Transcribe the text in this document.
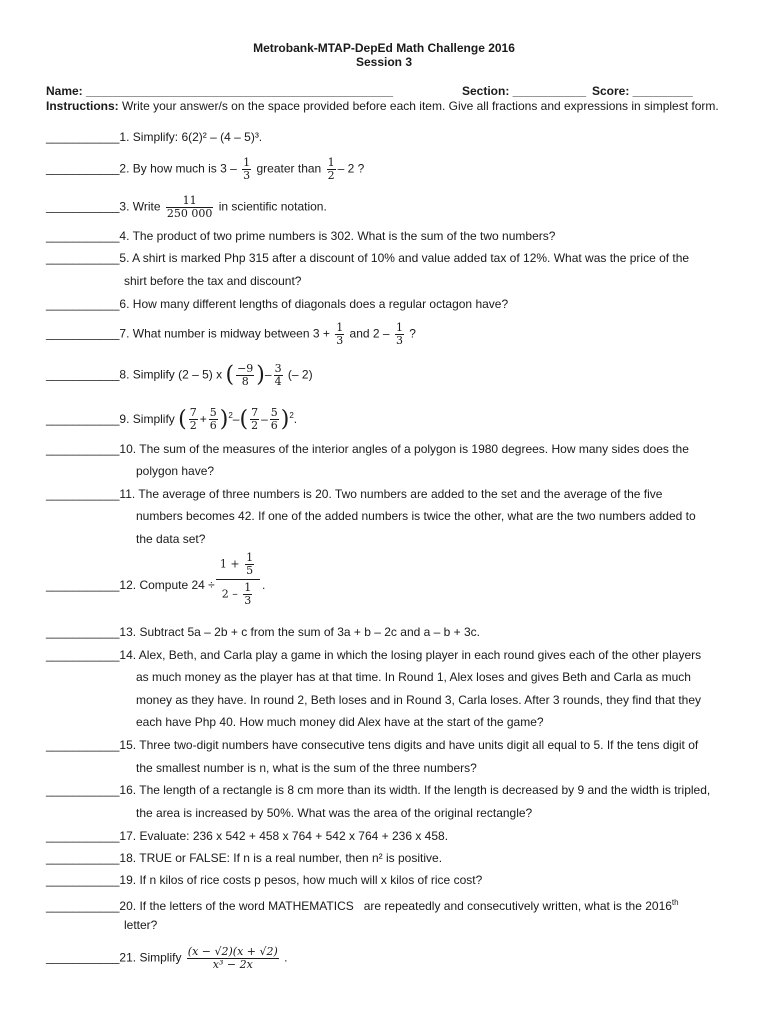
Metrobank-MTAP-DepEd Math Challenge 2016
Session 3
Name: ______________________________________________	Section: ___________ Score: _________
Instructions: Write your answer/s on the space provided before each item. Give all fractions and expressions in simplest form.
___________1. Simplify: 6(2)² – (4 – 5)³.
___________2. By how much is $3 - \frac{1}{3}$ greater than $\frac{1}{2} - 2$ ?
___________3. Write $\frac{11}{250 000}$ in scientific notation.
___________4. The product of two prime numbers is 302. What is the sum of the two numbers?
___________5. A shirt is marked Php 315 after a discount of 10% and value added tax of 12%. What was the price of the
shirt before the tax and discount?
___________6. How many different lengths of diagonals does a regular octagon have?
___________7. What number is midway between $3 + \frac{1}{3}$ and $2 - \frac{1}{3}$ ?
___________8. Simplify (2 – 5) x ( $\frac{-9}{8}$ )– $\frac{3}{4}$ (– 2)
___________9. Simplify ( $\frac{7}{2} + \frac{5}{6} )^2-( \frac{7}{2} - \frac{5}{6} )^2$.
___________10. The sum of the measures of the interior angles of a polygon is 1980 degrees. How many sides does the
polygon have?
___________11. The average of three numbers is 20. Two numbers are added to the set and the average of the five
numbers becomes 42. If one of the added numbers is twice the other, what are the two numbers added to
the data set?
___________12. Compute 24 ÷
$1 + \frac{1}{5}$
$2 - \frac{1}{3}$ .
___________13. Subtract 5a – 2b + c from the sum of 3a + b – 2c and a – b + 3c.
___________14. Alex, Beth, and Carla play a game in which the losing player in each round gives each of the other players
as much money as the player has at that time. In Round 1, Alex loses and gives Beth and Carla as much
money as they have. In round 2, Beth loses and in Round 3, Carla loses. After 3 rounds, they find that they
each have Php 40. How much money did Alex have at the start of the game?
___________15. Three two-digit numbers have consecutive tens digits and have units digit all equal to 5. If the tens digit of
the smallest number is n, what is the sum of the three numbers?
___________16. The length of a rectangle is 8 cm more than its width. If the length is decreased by 9 and the width is tripled,
the area is increased by 50%. What was the area of the original rectangle?
___________17. Evaluate: 236 x 542 + 458 x 764 + 542 x 764 + 236 x 458.
___________18. TRUE or FALSE: If n is a real number, then n² is positive.
___________19. If n kilos of rice costs p pesos, how much will x kilos of rice cost?
___________20. If the letters of the word MATHEMATICS   are repeatedly and consecutively written, what is the 2016th
letter?
___________21. Simplify $\frac{(x - √2)(x + √2)}{\text{x³ − 2x}}$ .
